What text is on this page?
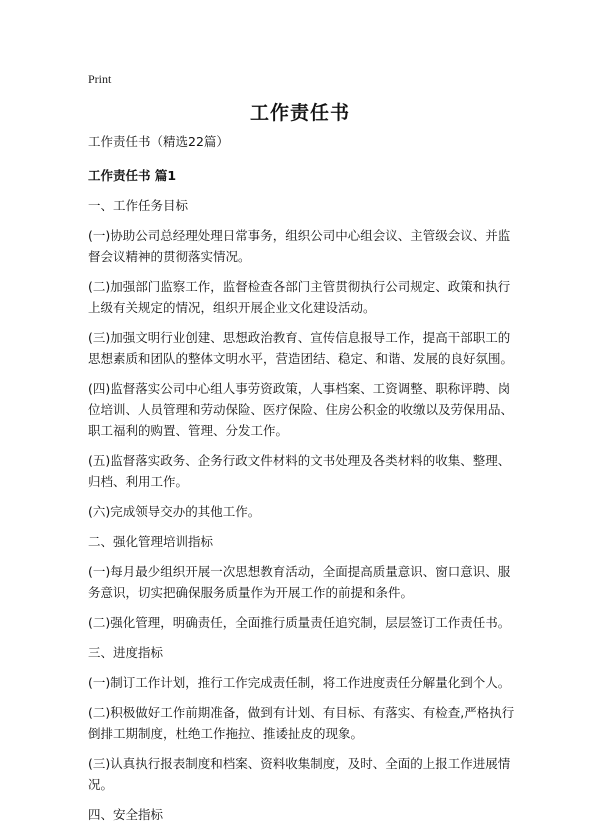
Print
工作责任书

工作责任书（精选22篇）

工作责任书 篇1

一、工作任务目标

(一)协助公司总经理处理日常事务，组织公司中心组会议、主管级会议、并监督会议精神的贯彻落实情况。

(二)加强部门监察工作，监督检查各部门主管贯彻执行公司规定、政策和执行上级有关规定的情况，组织开展企业文化建设活动。

(三)加强文明行业创建、思想政治教育、宣传信息报导工作，提高干部职工的思想素质和团队的整体文明水平，营造团结、稳定、和谐、发展的良好氛围。

(四)监督落实公司中心组人事劳资政策，人事档案、工资调整、职称评聘、岗位培训、人员管理和劳动保险、医疗保险、住房公积金的收缴以及劳保用品、职工福利的购置、管理、分发工作。

(五)监督落实政务、企务行政文件材料的文书处理及各类材料的收集、整理、归档、利用工作。

(六)完成领导交办的其他工作。

二、强化管理培训指标

(一)每月最少组织开展一次思想教育活动，全面提高质量意识、窗口意识、服务意识，切实把确保服务质量作为开展工作的前提和条件。

(二)强化管理，明确责任，全面推行质量责任追究制，层层签订工作责任书。

三、进度指标

(一)制订工作计划，推行工作完成责任制，将工作进度责任分解量化到个人。

(二)积极做好工作前期准备，做到有计划、有目标、有落实、有检查,严格执行倒排工期制度，杜绝工作拖拉、推诿扯皮的现象。

(三)认真执行报表制度和档案、资料收集制度，及时、全面的上报工作进展情况。

四、安全指标
